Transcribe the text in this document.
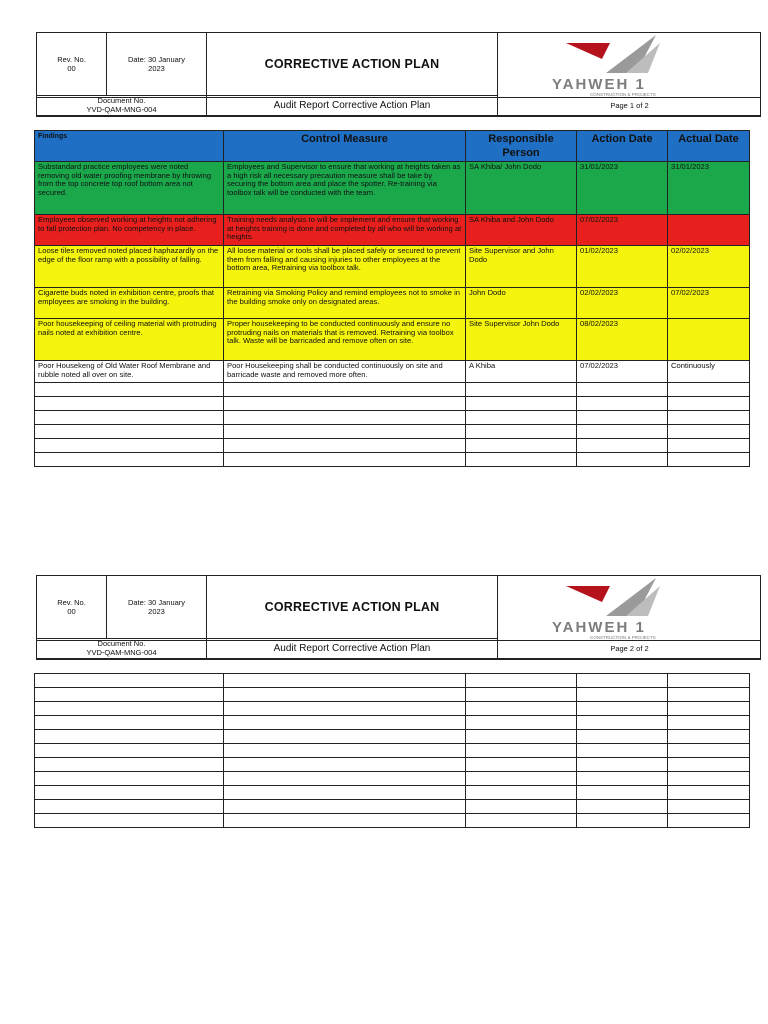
Rev. No.
00
Date: 30 January
2023	CORRECTIVE ACTION PLAN
YAHWEH 1
CONSTRUCTION & PROJECTS
Document No.
YVD-QAM-MNG-004	Audit Report Corrective Action Plan	Page 1 of 2
Findings	Control Measure	Responsible Person	Action Date	Actual Date
Substandard practice employees were noted removing old water proofing membrane by throwing from the top concrete top roof bottom area not secured.	Employees and Supervisor to ensure that working at heights taken as a high risk all necessary precaution measure shall be take by securing the bottom area and place the spotter. Re-training via toolbox talk will be conducted with the team.	SA Khiba/ John Dodo	31/01/2023	31/01/2023
Employees observed working at heights not adhering to fall protection plan. No competency in place.	Training needs analysis to will be implement and ensure that working at heights training is done and completed by all who will be working at heights.	SA Khiba and John Dodo	07/02/2023	
Loose tiles removed noted placed haphazardly on the edge of the floor ramp with a possibility of falling.	All loose material or tools shall be placed safely or secured to prevent them from falling and causing injuries to other employees at the bottom area, Retraining via toolbox talk.	Site Supervisor and John Dodo	01/02/2023	02/02/2023
Cigarette buds noted in exhibition centre, proofs that employees are smoking in the building.	Retraining via Smoking Policy and remind employees not to smoke in the building smoke only on designated areas.	John Dodo	02/02/2023	07/02/2023
Poor housekeeping of ceiling material with protruding nails noted at exhibition centre.	Proper housekeeping to be conducted continuously and ensure no protruding nails on materials that is removed. Retraining via toolbox talk. Waste will be barricaded and remove often on site.	Site Supervisor John Dodo	08/02/2023	
Poor Housekeng of Old Water Roof Membrane and rubble noted all over on site.	Poor Housekeeping shall be conducted continuously on site and barricade waste and removed more often.	A Khiba	07/02/2023	Continuously

Rev. No.
00
Date: 30 January
2023	CORRECTIVE ACTION PLAN
YAHWEH 1
CONSTRUCTION & PROJECTS
Document No.
YVD-QAM-MNG-004	Audit Report Corrective Action Plan	Page 2 of 2
